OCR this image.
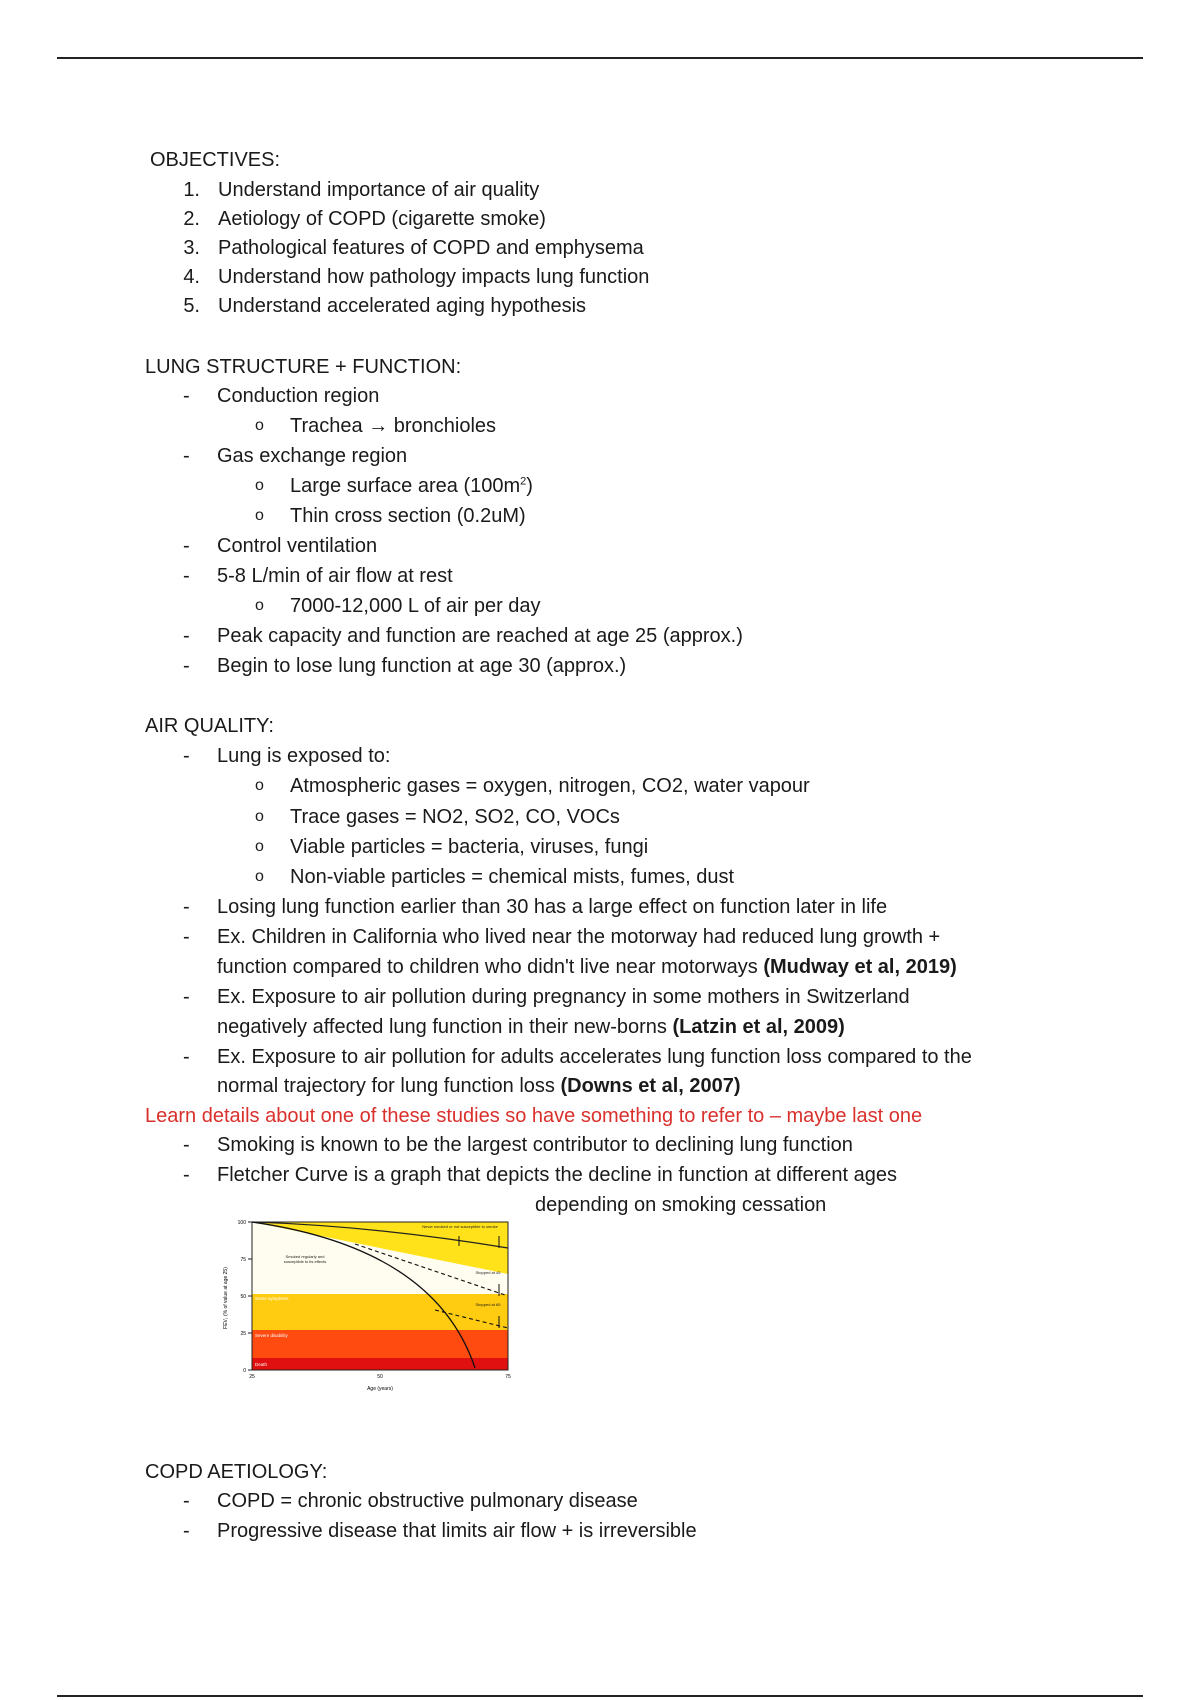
OBJECTIVES:
1. Understand importance of air quality
2. Aetiology of COPD (cigarette smoke)
3. Pathological features of COPD and emphysema
4. Understand how pathology impacts lung function
5. Understand accelerated aging hypothesis
LUNG STRUCTURE + FUNCTION:
- Conduction region
o Trachea → bronchioles
- Gas exchange region
o Large surface area $(100m^2)$
o Thin cross section (0.2uM)
- Control ventilation
- 5-8 L/min of air flow at rest
o 7000-12,000 L of air per day
- Peak capacity and function are reached at age 25 (approx.)
- Begin to lose lung function at age 30 (approx.)
AIR QUALITY:
- Lung is exposed to:
o Atmospheric gases = oxygen, nitrogen, CO2, water vapour
o Trace gases = NO2, SO2, CO, VOCs
o Viable particles = bacteria, viruses, fungi
o Non-viable particles = chemical mists, fumes, dust
- Losing lung function earlier than 30 has a large effect on function later in life
- Ex. Children in California who lived near the motorway had reduced lung growth +
function compared to children who didn't live near motorways (Mudway et al, 2019)
- Ex. Exposure to air pollution during pregnancy in some mothers in Switzerland
negatively affected lung function in their new-borns (Latzin et al, 2009)
- Ex. Exposure to air pollution for adults accelerates lung function loss compared to the
normal trajectory for lung function loss (Downs et al, 2007)
Learn details about one of these studies so have something to refer to – maybe last one
- Smoking is known to be the largest contributor to declining lung function
- Fletcher Curve is a graph that depicts the decline in function at different ages
depending on smoking cessation
100
75
50
25
0
25	50	75
Age (years)
FEV₁ (% of value at age 25)
Never smoked or not susceptible to smoke
Smoked regularly and susceptible to its effects
Stopped at 45
Stopped at 65
Some symptoms
Severe disability
Death
COPD AETIOLOGY:
- COPD = chronic obstructive pulmonary disease
- Progressive disease that limits air flow + is irreversible
